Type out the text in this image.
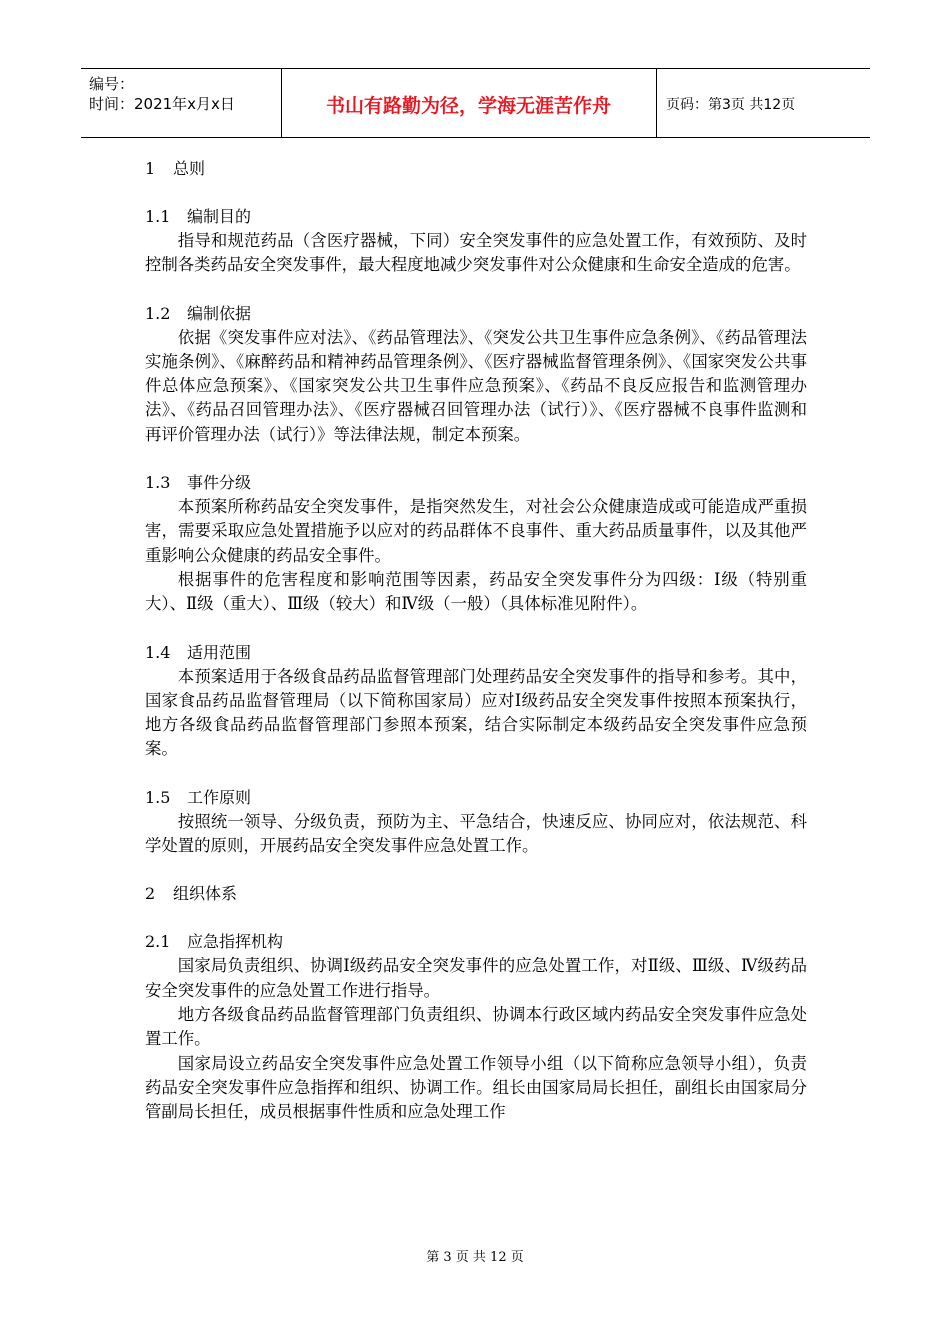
编号：
时间：2021年x月x日	书山有路勤为径，学海无涯苦作舟	页码：第3页 共12页

1 总则

1.1 编制目的

指导和规范药品（含医疗器械，下同）安全突发事件的应急处置工作，有效预防、及时控制各类药品安全突发事件，最大程度地减少突发事件对公众健康和生命安全造成的危害。

1.2 编制依据

依据《突发事件应对法》、《药品管理法》、《突发公共卫生事件应急条例》、《药品管理法实施条例》、《麻醉药品和精神药品管理条例》、《医疗器械监督管理条例》、《国家突发公共事件总体应急预案》、《国家突发公共卫生事件应急预案》、《药品不良反应报告和监测管理办法》、《药品召回管理办法》、《医疗器械召回管理办法（试行）》、《医疗器械不良事件监测和再评价管理办法（试行）》等法律法规，制定本预案。

1.3 事件分级

本预案所称药品安全突发事件，是指突然发生，对社会公众健康造成或可能造成严重损害，需要采取应急处置措施予以应对的药品群体不良事件、重大药品质量事件，以及其他严重影响公众健康的药品安全事件。

根据事件的危害程度和影响范围等因素，药品安全突发事件分为四级：Ⅰ级（特别重大）、Ⅱ级（重大）、Ⅲ级（较大）和Ⅳ级（一般）（具体标准见附件）。

1.4 适用范围

本预案适用于各级食品药品监督管理部门处理药品安全突发事件的指导和参考。其中，国家食品药品监督管理局（以下简称国家局）应对Ⅰ级药品安全突发事件按照本预案执行，地方各级食品药品监督管理部门参照本预案，结合实际制定本级药品安全突发事件应急预案。

1.5 工作原则

按照统一领导、分级负责，预防为主、平急结合，快速反应、协同应对，依法规范、科学处置的原则，开展药品安全突发事件应急处置工作。

2 组织体系

2.1 应急指挥机构

国家局负责组织、协调Ⅰ级药品安全突发事件的应急处置工作，对Ⅱ级、Ⅲ级、Ⅳ级药品安全突发事件的应急处置工作进行指导。

地方各级食品药品监督管理部门负责组织、协调本行政区域内药品安全突发事件应急处置工作。

国家局设立药品安全突发事件应急处置工作领导小组（以下简称应急领导小组），负责药品安全突发事件应急指挥和组织、协调工作。组长由国家局局长担任，副组长由国家局分管副局长担任，成员根据事件性质和应急处理工作

第 3 页 共 12 页
